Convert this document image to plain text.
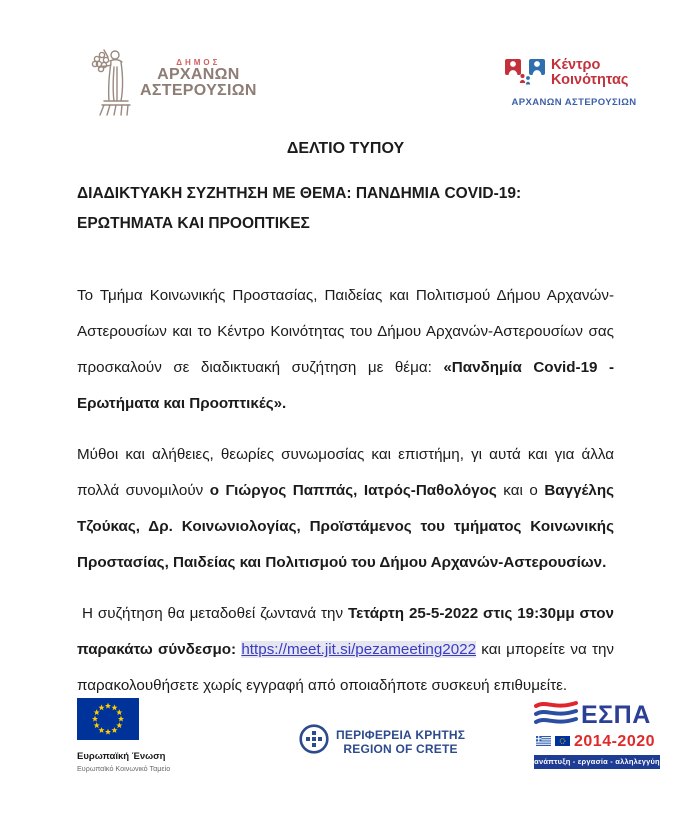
ΔΗΜΟΣ
ΑΡΧΑΝΩΝ
ΑΣΤΕΡΟΥΣΙΩΝ
Κέντρο
Κοινότητας
ΑΡΧΑΝΩΝ ΑΣΤΕΡΟΥΣΙΩΝ
ΔΕΛΤΙΟ ΤΥΠΟΥ
ΔΙΑΔΙΚΤΥΑΚΗ ΣΥΖΗΤΗΣΗ ΜΕ ΘΕΜΑ: ΠΑΝΔΗΜΙΑ COVID-19: ΕΡΩΤΗΜΑΤΑ ΚΑΙ ΠΡΟΟΠΤΙΚΕΣ

Το Τμήμα Κοινωνικής Προστασίας, Παιδείας και Πολιτισμού Δήμου Αρχανών-Αστερουσίων και το Κέντρο Κοινότητας του Δήμου Αρχανών-Αστερουσίων σας προσκαλούν σε διαδικτυακή συζήτηση με θέμα: «Πανδημία Covid-19 - Ερωτήματα και Προοπτικές».

Μύθοι και αλήθειες, θεωρίες συνωμοσίας και επιστήμη, γι αυτά και για άλλα πολλά συνομιλούν ο Γιώργος Παππάς, Ιατρός-Παθολόγος και ο Βαγγέλης Τζούκας, Δρ. Κοινωνιολογίας, Προϊστάμενος του τμήματος Κοινωνικής Προστασίας, Παιδείας και Πολιτισμού του Δήμου Αρχανών-Αστερουσίων.

Η συζήτηση θα μεταδοθεί ζωντανά την Τετάρτη 25-5-2022 στις 19:30μμ στον παρακάτω σύνδεσμο: https://meet.jit.si/pezameeting2022 και μπορείτε να την παρακολουθήσετε χωρίς εγγραφή από οποιαδήποτε συσκευή επιθυμείτε.

Ευρωπαϊκή Ένωση
Ευρωπαϊκό Κοινωνικό Ταμείο
ΠΕΡΙΦΕΡΕΙΑ ΚΡΗΤΗΣ
REGION OF CRETE
ΕΣΠΑ
2014-2020
ανάπτυξη - εργασία - αλληλεγγύη
